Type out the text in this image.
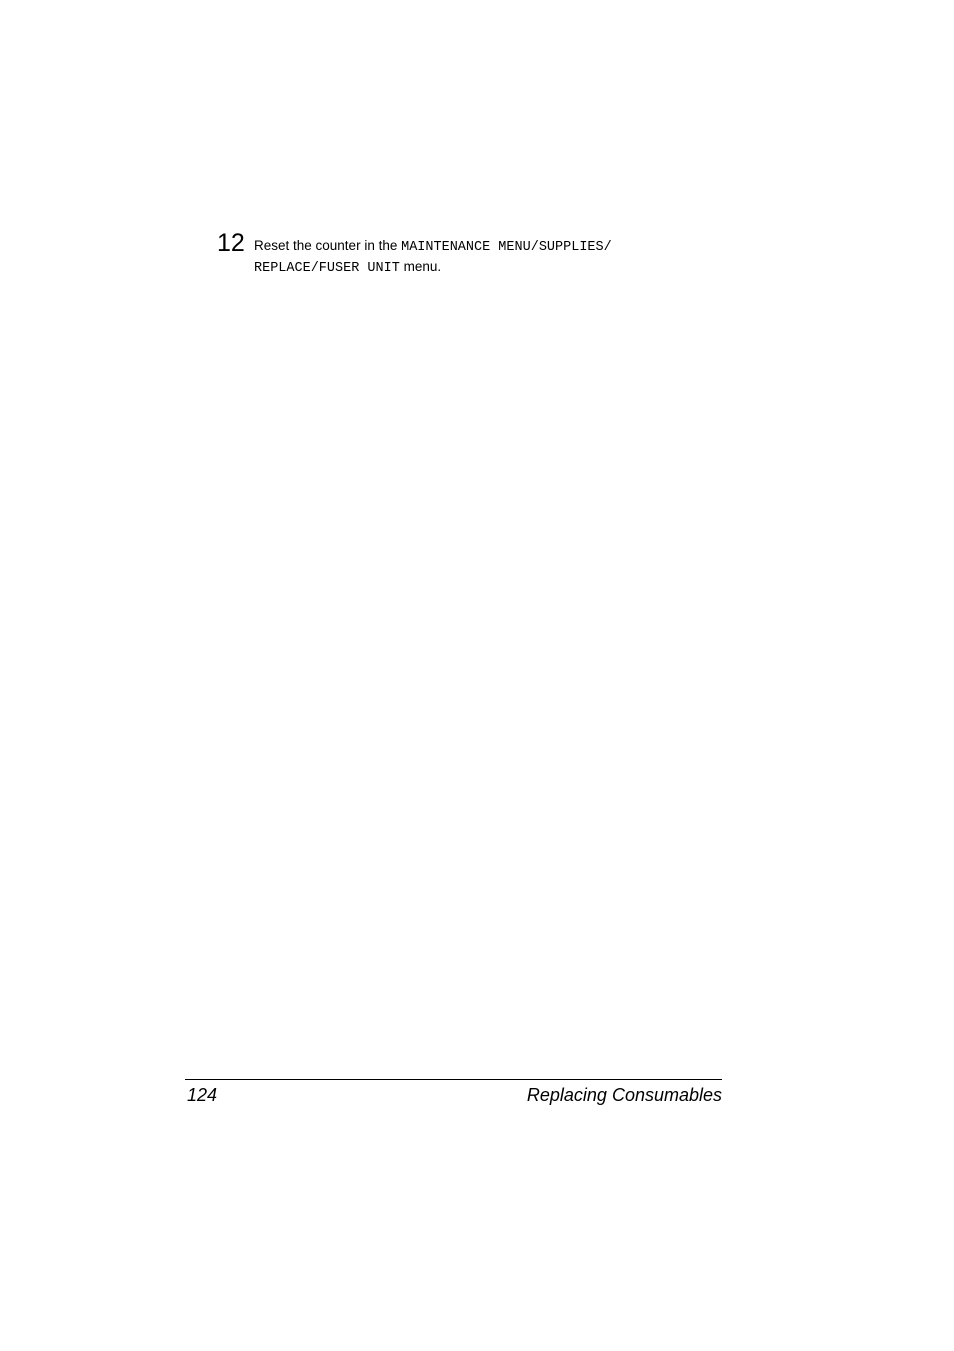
12 Reset the counter in the MAINTENANCE MENU/SUPPLIES/
REPLACE/FUSER UNIT menu.
124	Replacing Consumables
